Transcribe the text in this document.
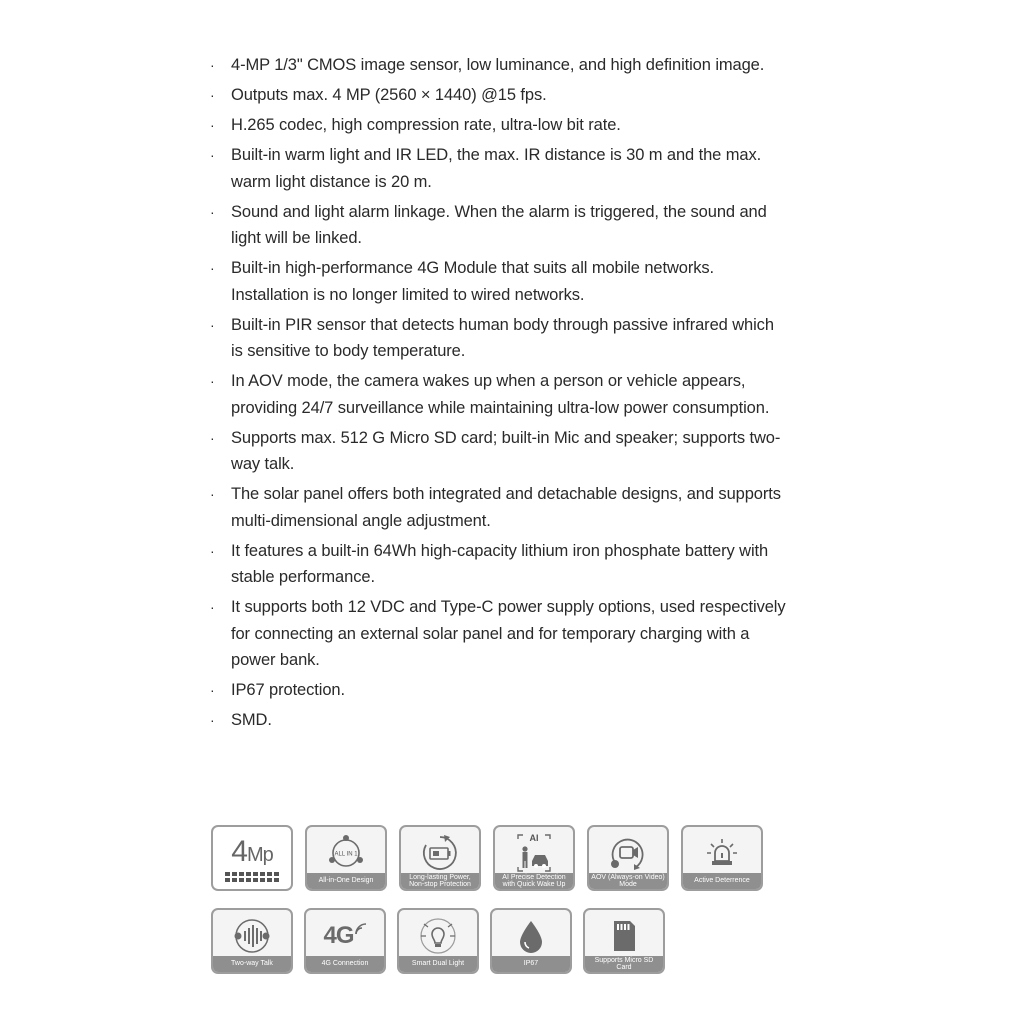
· 4-MP 1/3" CMOS image sensor, low luminance, and high definition image.
· Outputs max. 4 MP (2560 × 1440) @15 fps.
· H.265 codec, high compression rate, ultra-low bit rate.
· Built-in warm light and IR LED, the max. IR distance is 30 m and the max. warm light distance is 20 m.
· Sound and light alarm linkage. When the alarm is triggered, the sound and light will be linked.
· Built-in high-performance 4G Module that suits all mobile networks. Installation is no longer limited to wired networks.
· Built-in PIR sensor that detects human body through passive infrared which is sensitive to body temperature.
· In AOV mode, the camera wakes up when a person or vehicle appears, providing 24/7 surveillance while maintaining ultra-low power consumption.
· Supports max. 512 G Micro SD card; built-in Mic and speaker; supports two-way talk.
· The solar panel offers both integrated and detachable designs, and supports multi-dimensional angle adjustment.
· It features a built-in 64Wh high-capacity lithium iron phosphate battery with stable performance.
· It supports both 12 VDC and Type-C power supply options, used respectively for connecting an external solar panel and for temporary charging with a power bank.
· IP67 protection.
· SMD.
4Mp	ALL IN 1
All-in-One Design
Long-lasting Power, Non-stop Protection
AI
AI Precise Detection with Quick Wake Up
AOV (Always-on Video) Mode
Active Deterrence
Two-way Talk
4G
4G Connection	Smart Dual Light	IP67
Supports Micro SD Card
